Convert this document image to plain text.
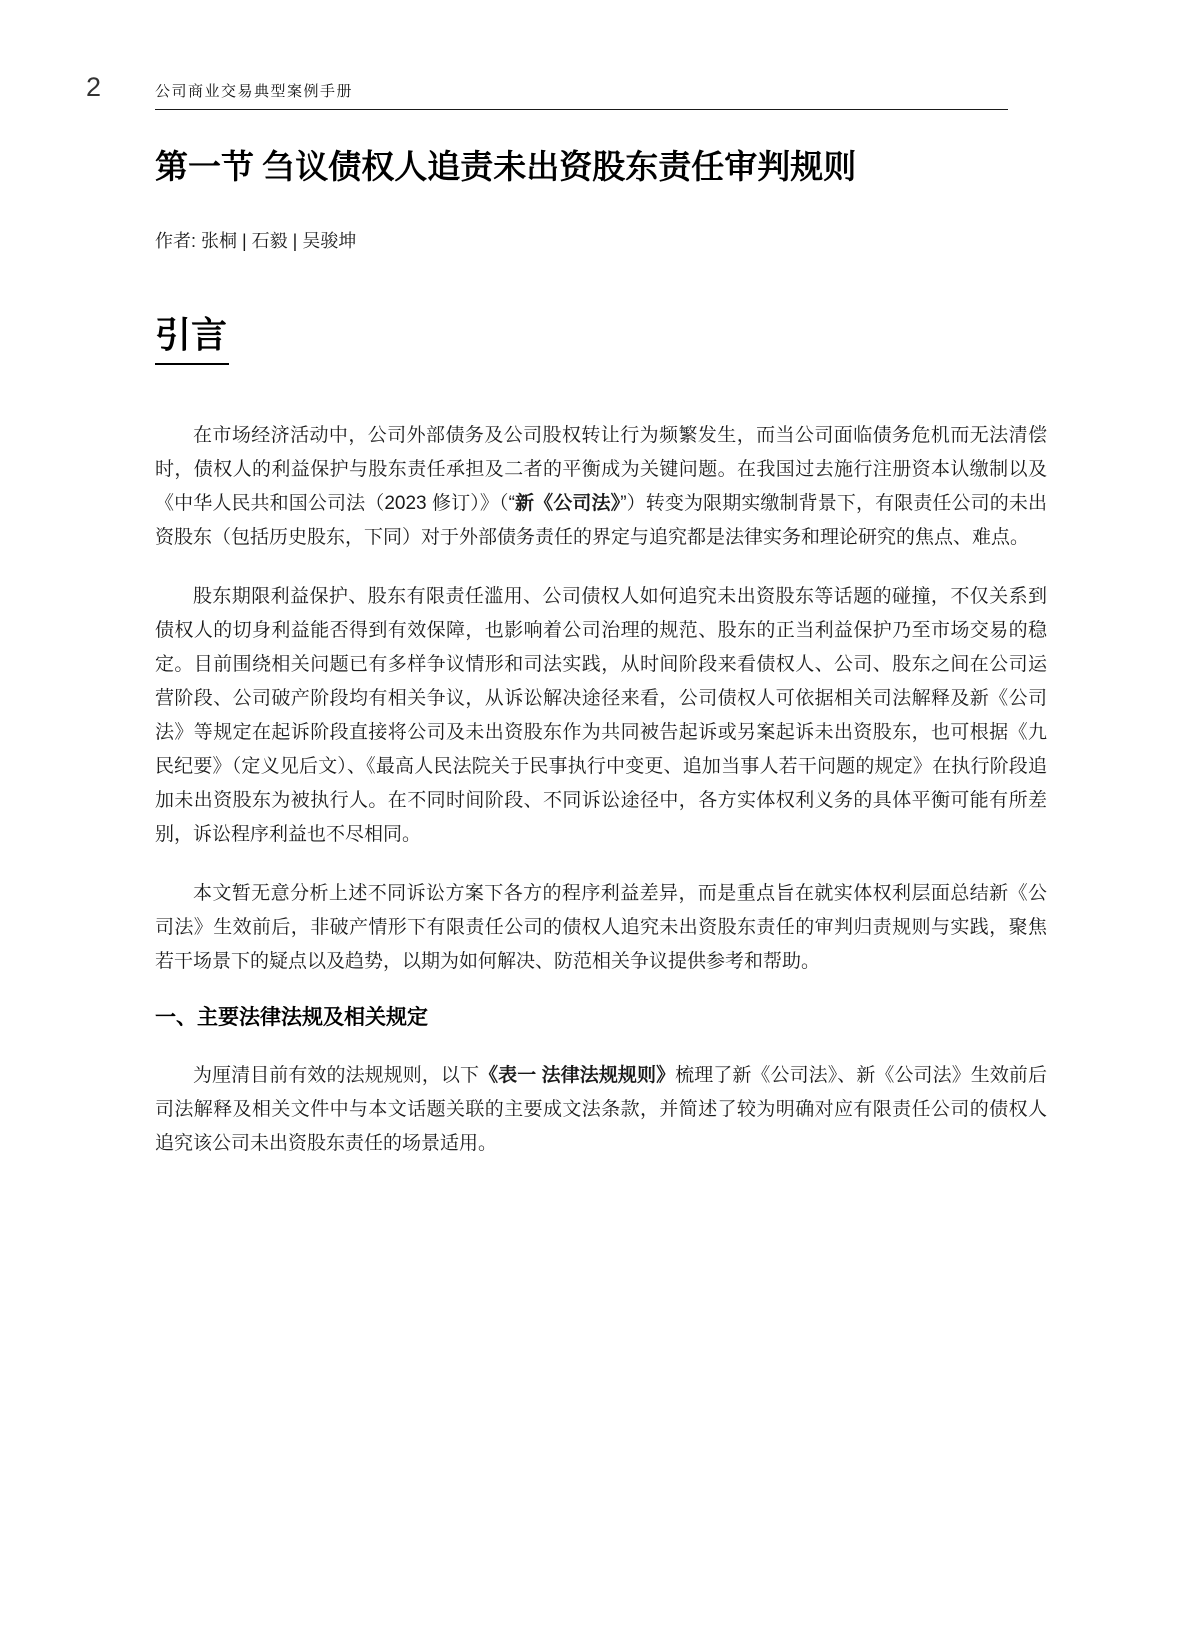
2	公司商业交易典型案例手册
第一节 刍议债权人追责未出资股东责任审判规则

作者: 张桐 | 石毅 | 吴骏坤

引言

在市场经济活动中，公司外部债务及公司股权转让行为频繁发生，而当公司面临债务危机而无法清偿时，债权人的利益保护与股东责任承担及二者的平衡成为关键问题。在我国过去施行注册资本认缴制以及《中华人民共和国公司法（2023 修订）》（“新《公司法》”）转变为限期实缴制背景下，有限责任公司的未出资股东（包括历史股东，下同）对于外部债务责任的界定与追究都是法律实务和理论研究的焦点、难点。

股东期限利益保护、股东有限责任滥用、公司债权人如何追究未出资股东等话题的碰撞，不仅关系到债权人的切身利益能否得到有效保障，也影响着公司治理的规范、股东的正当利益保护乃至市场交易的稳定。目前围绕相关问题已有多样争议情形和司法实践，从时间阶段来看债权人、公司、股东之间在公司运营阶段、公司破产阶段均有相关争议，从诉讼解决途径来看，公司债权人可依据相关司法解释及新《公司法》等规定在起诉阶段直接将公司及未出资股东作为共同被告起诉或另案起诉未出资股东，也可根据《九民纪要》（定义见后文）、《最高人民法院关于民事执行中变更、追加当事人若干问题的规定》在执行阶段追加未出资股东为被执行人。在不同时间阶段、不同诉讼途径中，各方实体权利义务的具体平衡可能有所差别，诉讼程序利益也不尽相同。

本文暂无意分析上述不同诉讼方案下各方的程序利益差异，而是重点旨在就实体权利层面总结新《公司法》生效前后，非破产情形下有限责任公司的债权人追究未出资股东责任的审判归责规则与实践，聚焦若干场景下的疑点以及趋势，以期为如何解决、防范相关争议提供参考和帮助。

一、主要法律法规及相关规定

为厘清目前有效的法规规则，以下《表一 法律法规规则》梳理了新《公司法》、新《公司法》生效前后司法解释及相关文件中与本文话题关联的主要成文法条款，并简述了较为明确对应有限责任公司的债权人追究该公司未出资股东责任的场景适用。
